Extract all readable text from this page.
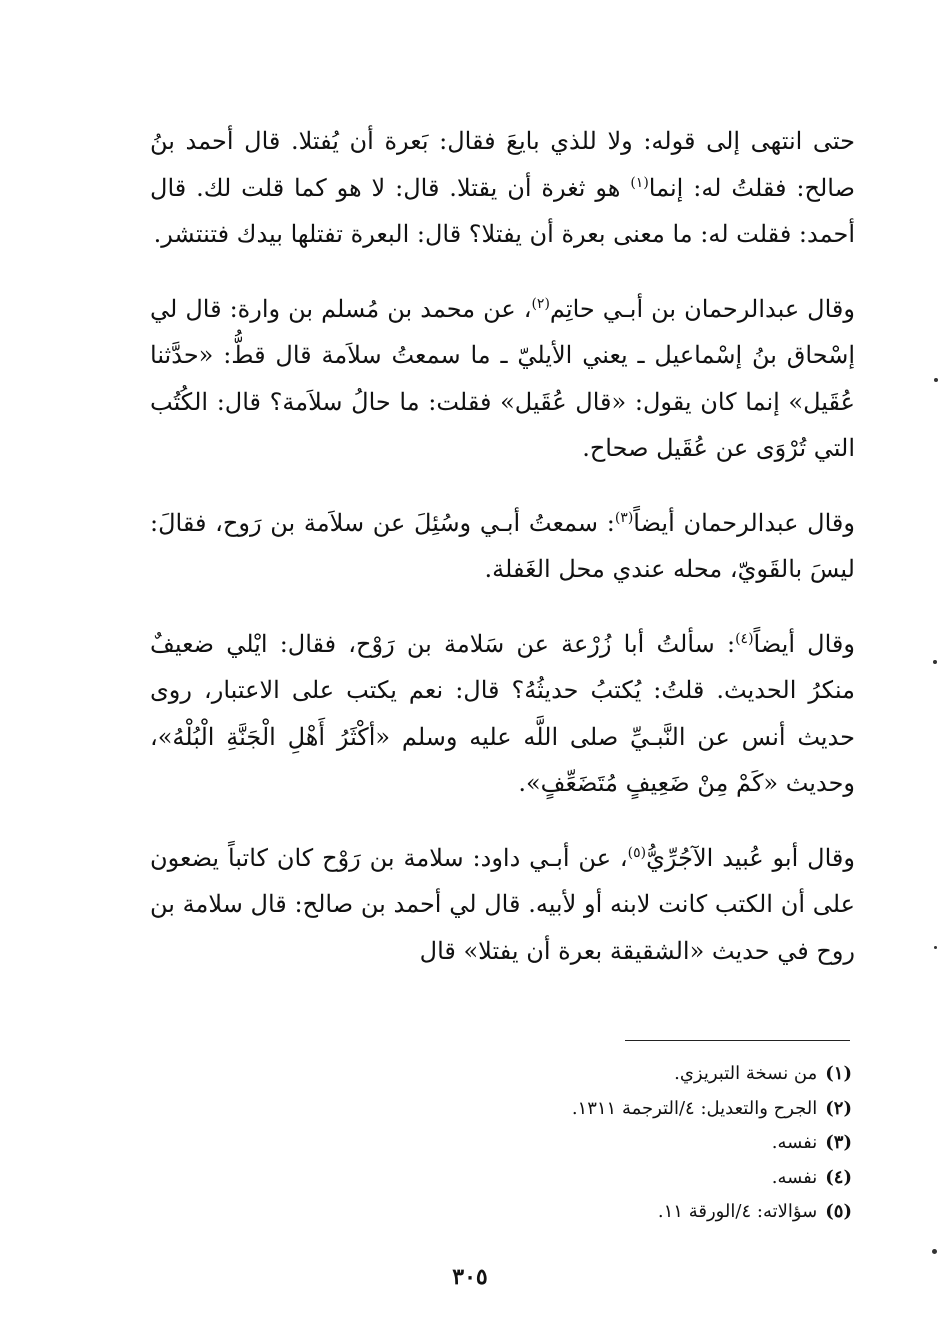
حتى انتهى إلى قوله: ولا للذي بايعَ فقال: بَعرة أن يُفتلا. قال أحمد بنُ صالح: فقلتُ له: إنما$^{(١)}$ هو ثغرة أن يقتلا. قال: لا هو كما قلت لك. قال أحمد: فقلت له: ما معنى بعرة أن يفتلا؟ قال: البعرة تفتلها بيدك فتنتشر.

وقال عبدالرحمان بن أبـي حاتِم$^{(٢)}$، عن محمد بن مُسلم بن وارة: قال لي إسْحاق بنُ إسْماعيل ـ يعني الأيليّ ـ ما سمعتُ سلاَمة قال قطُّ: «حدَّثنا عُقَيل» إنما كان يقول: «قال عُقَيل» فقلت: ما حالُ سلاَمة؟ قال: الكُتُب التي تُرْوَى عن عُقَيل صحاح.

وقال عبدالرحمان أيضاً$^{(٣)}$: سمعتُ أبـي وسُئِلَ عن سلاَمة بن رَوح، فقالَ: ليسَ بالقَويّ، محله عندي محل الغَفلة.

وقال أيضاً$^{(٤)}$: سألتُ أبا زُرْعة عن سَلامة بن رَوْح، فقال: ايْلي ضعيفٌ منكرُ الحديث. قلتُ: يُكتبُ حديثُهُ؟ قال: نعم يكتب على الاعتبار، روى حديث أنس عن النَّبـيِّ صلى اللَّه عليه وسلم «أكْثَرُ أَهْلِ الْجَنَّةِ الْبُلْهُ»، وحديث «كَمْ مِنْ ضَعِيفٍ مُتَضَعِّفٍ».

وقال أبو عُبيد الآجُرِّيُّ$^{(٥)}$، عن أبـي داود: سلامة بن رَوْح كان كاتباً يضعون على أن الكتب كانت لابنه أو لأبيه. قال لي أحمد بن صالح: قال سلامة بن روح في حديث «الشقيقة بعرة أن يفتلا» قال

(١)من نسخة التبريزي.
(٢)الجرح والتعديل: ٤/الترجمة ١٣١١.
(٣)نفسه.
(٤)نفسه.
(٥)سؤالاته: ٤/الورقة ١١.
٣٠٥
